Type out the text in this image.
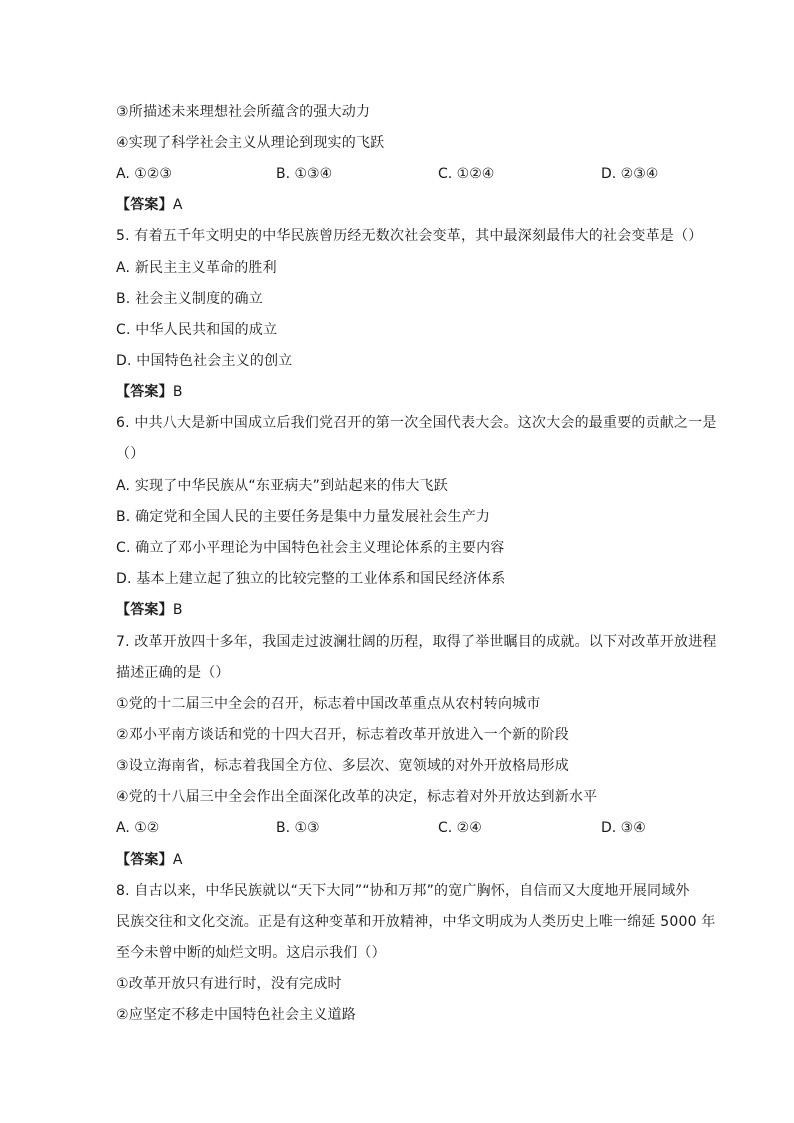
③所描述未来理想社会所蕴含的强大动力
④实现了科学社会主义从理论到现实的飞跃
A. ①②③	B. ①③④	C. ①②④	D. ②③④
【答案】A
5. 有着五千年文明史的中华民族曾历经无数次社会变革，其中最深刻最伟大的社会变革是（）
A. 新民主主义革命的胜利
B. 社会主义制度的确立
C. 中华人民共和国的成立
D. 中国特色社会主义的创立
【答案】B
6. 中共八大是新中国成立后我们党召开的第一次全国代表大会。这次大会的最重要的贡献之一是
（）
A. 实现了中华民族从“东亚病夫”到站起来的伟大飞跃
B. 确定党和全国人民的主要任务是集中力量发展社会生产力
C. 确立了邓小平理论为中国特色社会主义理论体系的主要内容
D. 基本上建立起了独立的比较完整的工业体系和国民经济体系
【答案】B
7. 改革开放四十多年，我国走过波澜壮阔的历程，取得了举世瞩目的成就。以下对改革开放进程
描述正确的是（）
①党的十二届三中全会的召开，标志着中国改革重点从农村转向城市
②邓小平南方谈话和党的十四大召开，标志着改革开放进入一个新的阶段
③设立海南省，标志着我国全方位、多层次、宽领域的对外开放格局形成
④党的十八届三中全会作出全面深化改革的决定，标志着对外开放达到新水平
A. ①②	B. ①③	C. ②④	D. ③④
【答案】A
8. 自古以来，中华民族就以“天下大同”“协和万邦”的宽广胸怀，自信而又大度地开展同域外
民族交往和文化交流。正是有这种变革和开放精神，中华文明成为人类历史上唯一绵延 5000 年
至今未曾中断的灿烂文明。这启示我们（）
①改革开放只有进行时，没有完成时
②应坚定不移走中国特色社会主义道路
